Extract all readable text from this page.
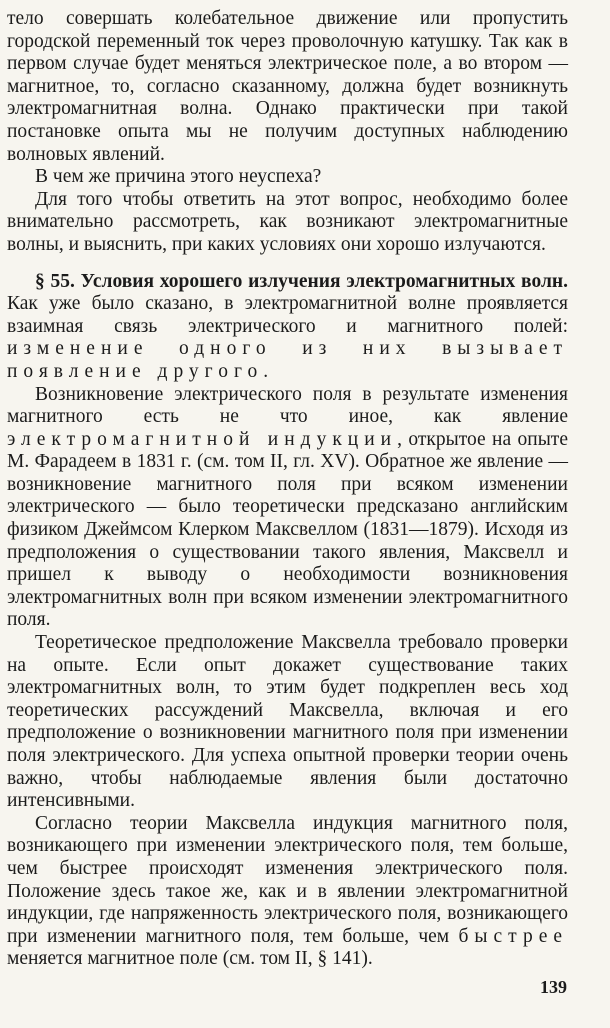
тело совершать колебательное движение или пропустить городской переменный ток через проволочную катушку. Так как в первом случае будет меняться электрическое поле, а во втором — магнитное, то, согласно сказанному, должна будет возникнуть электромагнитная волна. Однако практически при такой постановке опыта мы не получим доступных наблюдению волновых явлений.

В чем же причина этого неуспеха?

Для того чтобы ответить на этот вопрос, необходимо более внимательно рассмотреть, как возникают электромагнитные волны, и выяснить, при каких условиях они хорошо излучаются.

§ 55. Условия хорошего излучения электромагнитных волн. Как уже было сказано, в электромагнитной волне проявляется взаимная связь электрического и магнитного полей: изменение одного из них вызывает появление другого.

Возникновение электрического поля в результате изменения магнитного есть не что иное, как явление электромагнитной индукции, открытое на опыте М. Фарадеем в 1831 г. (см. том II, гл. XV). Обратное же явление — возникновение магнитного поля при всяком изменении электрического — было теоретически предсказано английским физиком Джеймсом Клерком Максвеллом (1831—1879). Исходя из предположения о существовании такого явления, Максвелл и пришел к выводу о необходимости возникновения электромагнитных волн при всяком изменении электромагнитного поля.

Теоретическое предположение Максвелла требовало проверки на опыте. Если опыт докажет существование таких электромагнитных волн, то этим будет подкреплен весь ход теоретических рассуждений Максвелла, включая и его предположение о возникновении магнитного поля при изменении поля электрического. Для успеха опытной проверки теории очень важно, чтобы наблюдаемые явления были достаточно интенсивными.

Согласно теории Максвелла индукция магнитного поля, возникающего при изменении электрического поля, тем больше, чем быстрее происходят изменения электрического поля. Положение здесь такое же, как и в явлении электромагнитной индукции, где напряженность электрического поля, возникающего при изменении магнитного поля, тем больше, чем быстрее меняется магнитное поле (см. том II, § 141).

139
